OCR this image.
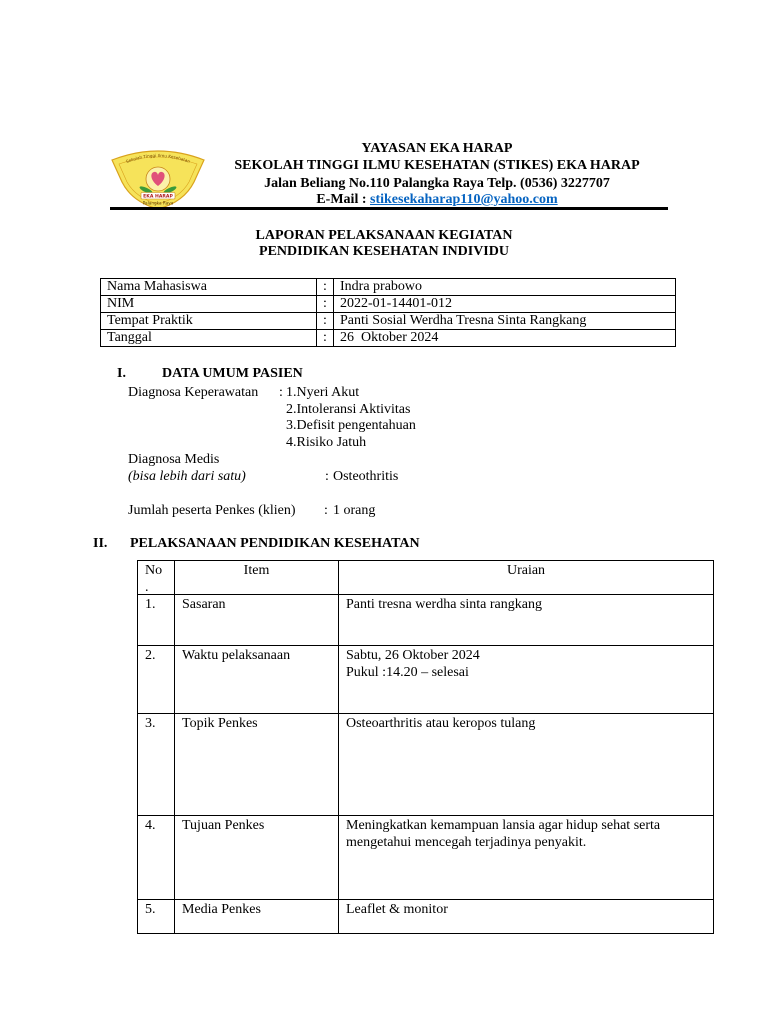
Sekolah Tinggi Ilmu Kesehatan
EKA HARAP
Palangka Raya
YAYASAN EKA HARAP
SEKOLAH TINGGI ILMU KESEHATAN (STIKES) EKA HARAP
Jalan Beliang No.110 Palangka Raya Telp. (0536) 3227707
E-Mail : stikesekaharap110@yahoo.com
LAPORAN PELAKSANAAN KEGIATAN
PENDIDIKAN KESEHATAN INDIVIDU
Nama Mahasiswa	: Indra prabowo
NIM	: 2022-01-14401-012
Tempat Praktik	: Panti Sosial Werdha Tresna Sinta Rangkang
Tanggal	: 26  Oktober 2024
I.	DATA UMUM PASIEN
Diagnosa Keperawatan : 1.Nyeri Akut
2.Intoleransi Aktivitas
3.Defisit pengentahuan
4.Risiko Jatuh
Diagnosa Medis
(bisa lebih dari satu)	: Osteothritis
Jumlah peserta Penkes (klien) : 1 orang
II. PELAKSANAAN PENDIDIKAN KESEHATAN
No
.
Item	Uraian
1.	Sasaran	Panti tresna werdha sinta rangkang
2.	Waktu pelaksanaan	Sabtu, 26 Oktober 2024
Pukul :14.20 – selesai
3.	Topik Penkes	Osteoarthritis atau keropos tulang
4.	Tujuan Penkes	Meningkatkan kemampuan lansia agar hidup sehat serta
mengetahui mencegah terjadinya penyakit.
5.	Media Penkes	Leaflet & monitor
